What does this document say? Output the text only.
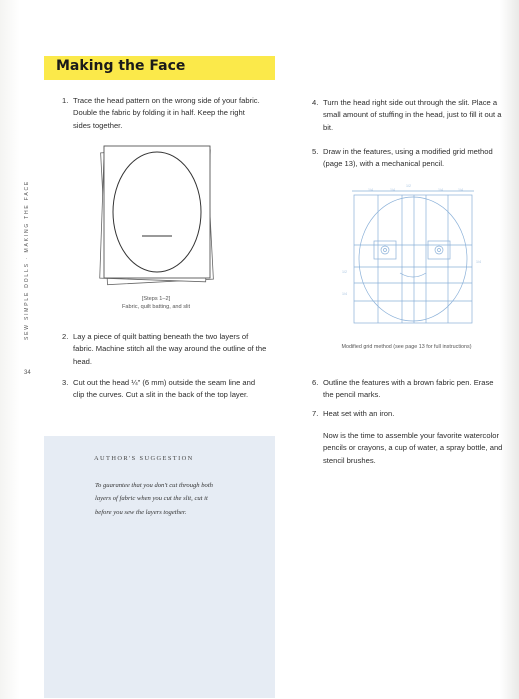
Making the Face
SEW SIMPLE DOLLS · MAKING THE FACE
34
1. Trace the head pattern on the wrong side of your fabric. Double the fabric by folding it in half. Keep the right sides together.
[Steps 1–2]
Fabric, quilt batting, and slit
2. Lay a piece of quilt batting beneath the two layers of fabric. Machine stitch all the way around the outline of the head.
3. Cut out the head ¼" (6 mm) outside the seam line and clip the curves. Cut a slit in the back of the top layer.
AUTHOR'S SUGGESTION
To guarantee that you don't cut through both layers of fabric when you cut the slit, cut it before you sew the layers together.
4. Turn the head right side out through the slit. Place a small amount of stuffing in the head, just to fill it out a bit.
5. Draw in the features, using a modified grid method (page 13), with a mechanical pencil.
1/4	1/4	1/4	1/4
1/2
1/2
1/4
1/4
Modified grid method (see page 13 for full instructions)
6. Outline the features with a brown fabric pen. Erase the pencil marks.
7. Heat set with an iron.
Now is the time to assemble your favorite watercolor pencils or crayons, a cup of water, a spray bottle, and stencil brushes.
